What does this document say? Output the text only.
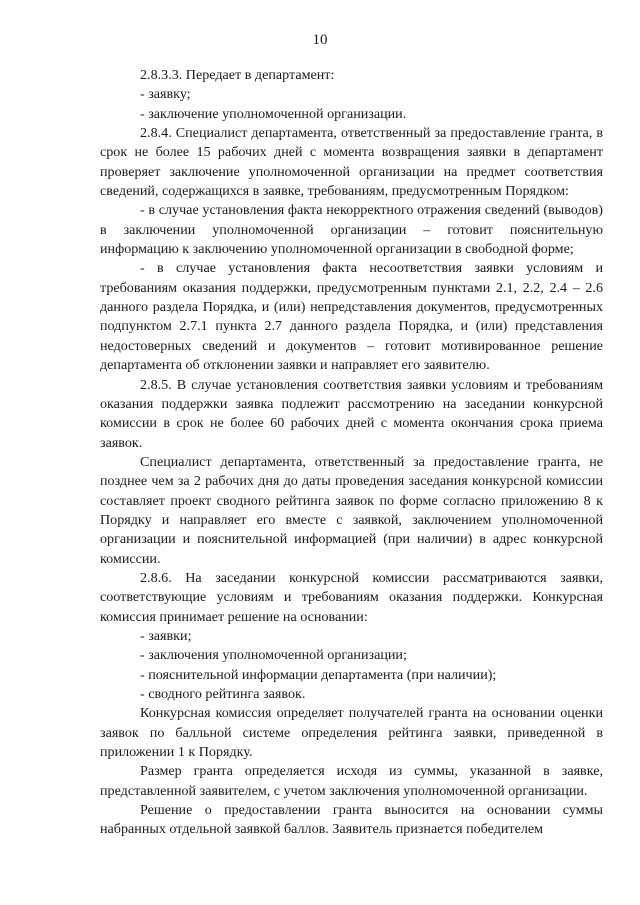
10

2.8.3.3. Передает в департамент:

- заявку;

- заключение уполномоченной организации.

2.8.4. Специалист департамента, ответственный за предоставление гранта, в срок не более 15 рабочих дней с момента возвращения заявки в департамент проверяет заключение уполномоченной организации на предмет соответствия сведений, содержащихся в заявке, требованиям, предусмотренным Порядком:

- в случае установления факта некорректного отражения сведений (выводов) в заключении уполномоченной организации – готовит пояснительную информацию к заключению уполномоченной организации в свободной форме;

- в случае установления факта несоответствия заявки условиям и требованиям оказания поддержки, предусмотренным пунктами 2.1, 2.2, 2.4 – 2.6 данного раздела Порядка, и (или) непредставления документов, предусмотренных подпунктом 2.7.1 пункта 2.7 данного раздела Порядка, и (или) представления недостоверных сведений и документов – готовит мотивированное решение департамента об отклонении заявки и направляет его заявителю.

2.8.5. В случае установления соответствия заявки условиям и требованиям оказания поддержки заявка подлежит рассмотрению на заседании конкурсной комиссии в срок не более 60 рабочих дней с момента окончания срока приема заявок.

Специалист департамента, ответственный за предоставление гранта, не позднее чем за 2 рабочих дня до даты проведения заседания конкурсной комиссии составляет проект сводного рейтинга заявок по форме согласно приложению 8 к Порядку и направляет его вместе с заявкой, заключением уполномоченной организации и пояснительной информацией (при наличии) в адрес конкурсной комиссии.

2.8.6. На заседании конкурсной комиссии рассматриваются заявки, соответствующие условиям и требованиям оказания поддержки. Конкурсная комиссия принимает решение на основании:

- заявки;

- заключения уполномоченной организации;

- пояснительной информации департамента (при наличии);

- сводного рейтинга заявок.

Конкурсная комиссия определяет получателей гранта на основании оценки заявок по балльной системе определения рейтинга заявки, приведенной в приложении 1 к Порядку.

Размер гранта определяется исходя из суммы, указанной в заявке, представленной заявителем, с учетом заключения уполномоченной организации.

Решение о предоставлении гранта выносится на основании суммы набранных отдельной заявкой баллов. Заявитель признается победителем
